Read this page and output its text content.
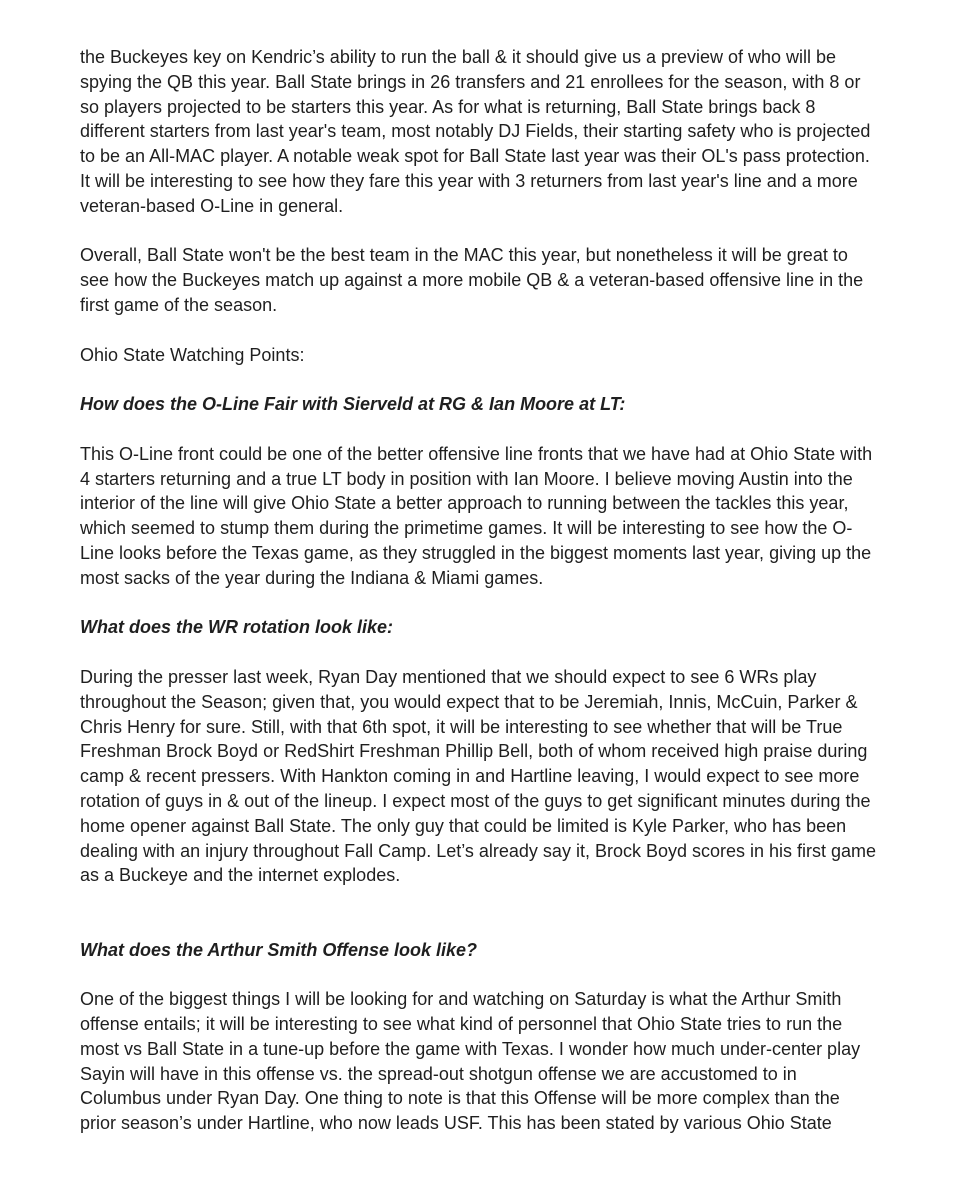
the Buckeyes key on Kendric’s ability to run the ball & it should give us a preview of who will be spying the QB this year. Ball State brings in 26 transfers and 21 enrollees for the season, with 8 or so players projected to be starters this year. As for what is returning, Ball State brings back 8 different starters from last year's team, most notably DJ Fields, their starting safety who is projected to be an All-MAC player. A notable weak spot for Ball State last year was their OL's pass protection. It will be interesting to see how they fare this year with 3 returners from last year's line and a more veteran-based O-Line in general.

Overall, Ball State won't be the best team in the MAC this year, but nonetheless it will be great to see how the Buckeyes match up against a more mobile QB & a veteran-based offensive line in the first game of the season.

Ohio State Watching Points:

How does the O-Line Fair with Sierveld at RG & Ian Moore at LT:

This O-Line front could be one of the better offensive line fronts that we have had at Ohio State with 4 starters returning and a true LT body in position with Ian Moore. I believe moving Austin into the interior of the line will give Ohio State a better approach to running between the tackles this year, which seemed to stump them during the primetime games. It will be interesting to see how the O-Line looks before the Texas game, as they struggled in the biggest moments last year, giving up the most sacks of the year during the Indiana & Miami games.

What does the WR rotation look like:

During the presser last week, Ryan Day mentioned that we should expect to see 6 WRs play throughout the Season; given that, you would expect that to be Jeremiah, Innis, McCuin, Parker & Chris Henry for sure. Still, with that 6th spot, it will be interesting to see whether that will be True Freshman Brock Boyd or RedShirt Freshman Phillip Bell, both of whom received high praise during camp & recent pressers. With Hankton coming in and Hartline leaving, I would expect to see more rotation of guys in & out of the lineup. I expect most of the guys to get significant minutes during the home opener against Ball State. The only guy that could be limited is Kyle Parker, who has been dealing with an injury throughout Fall Camp. Let’s already say it, Brock Boyd scores in his first game as a Buckeye and the internet explodes.

What does the Arthur Smith Offense look like?

One of the biggest things I will be looking for and watching on Saturday is what the Arthur Smith offense entails; it will be interesting to see what kind of personnel that Ohio State tries to run the most vs Ball State in a tune-up before the game with Texas. I wonder how much under-center play Sayin will have in this offense vs. the spread-out shotgun offense we are accustomed to in Columbus under Ryan Day. One thing to note is that this Offense will be more complex than the prior season’s under Hartline, who now leads USF. This has been stated by various Ohio State
